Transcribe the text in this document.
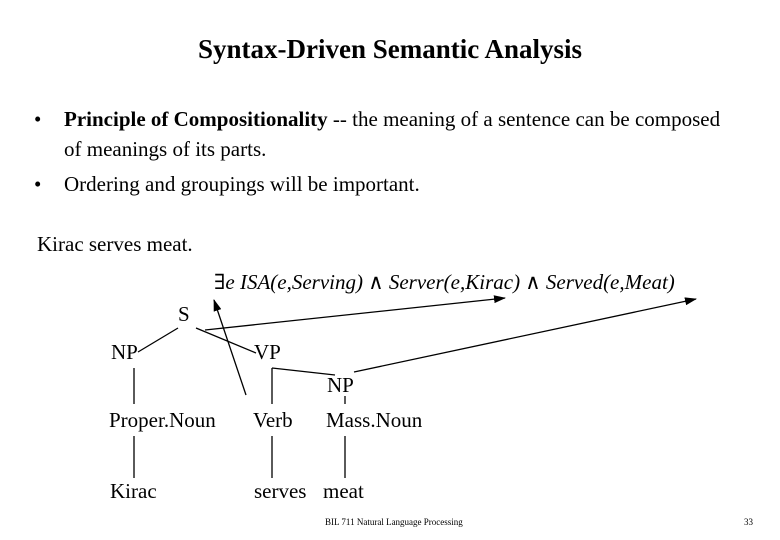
Syntax-Driven Semantic Analysis
•	Principle of Compositionality -- the meaning of a sentence can be composed of meanings of its parts.
•	Ordering and groupings will be important.
Kirac serves meat.
∃e ISA(e,Serving) ∧ Server(e,Kirac) ∧ Served(e,Meat)
S
NP	VP
NP
Proper.Noun Verb Mass.Noun
Kirac	serves meat
BIL 711 Natural Language Processing	33
